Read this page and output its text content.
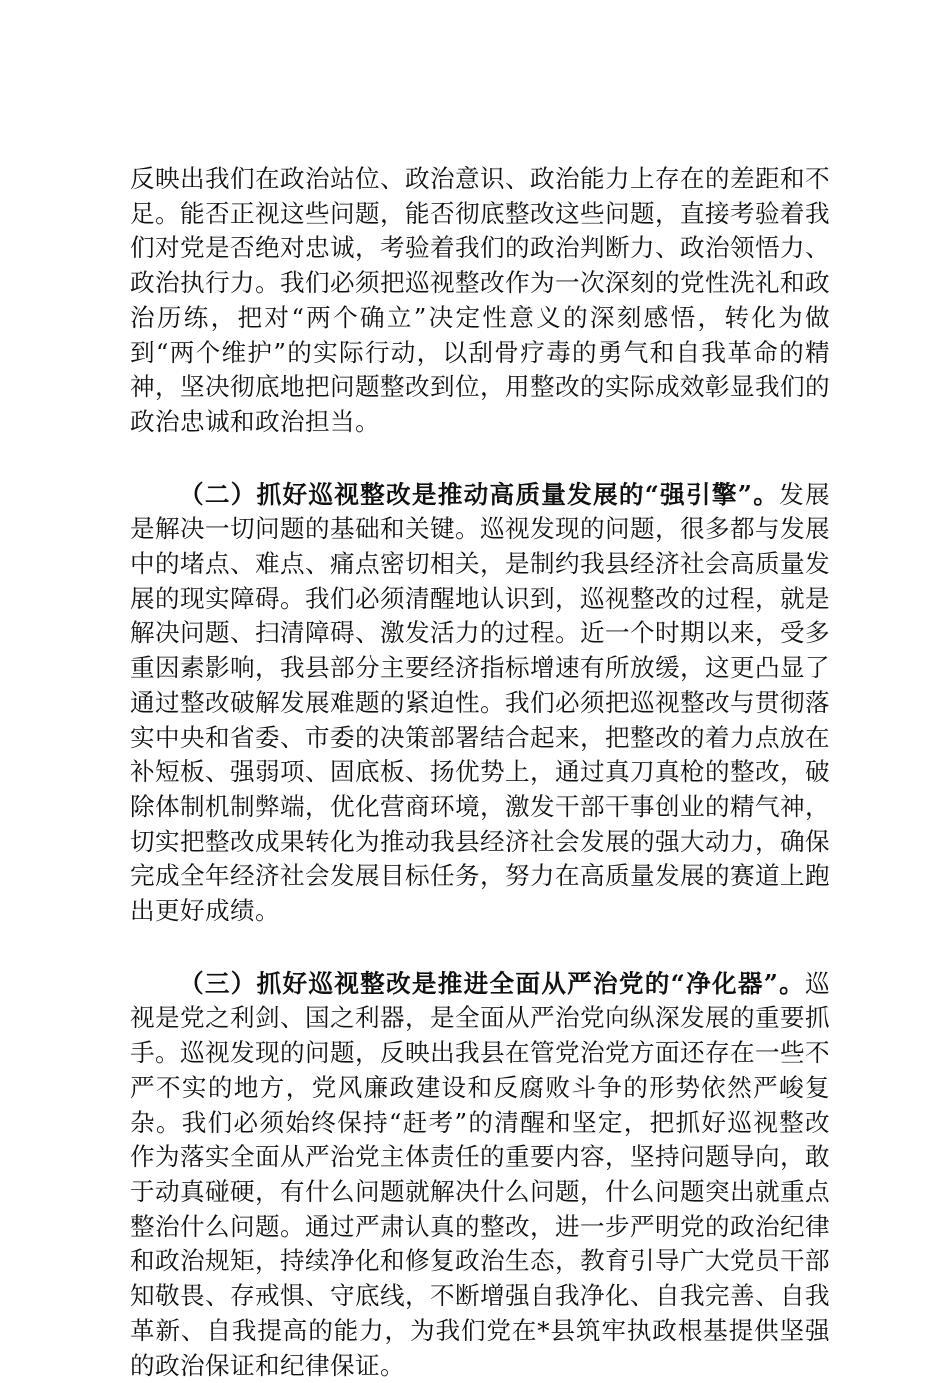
反映出我们在政治站位、政治意识、政治能力上存在的差距和不足。能否正视这些问题，能否彻底整改这些问题，直接考验着我们对党是否绝对忠诚，考验着我们的政治判断力、政治领悟力、政治执行力。我们必须把巡视整改作为一次深刻的党性洗礼和政治历练，把对“两个确立”决定性意义的深刻感悟，转化为做到“两个维护”的实际行动，以刮骨疗毒的勇气和自我革命的精神，坚决彻底地把问题整改到位，用整改的实际成效彰显我们的政治忠诚和政治担当。

（二）抓好巡视整改是推动高质量发展的“强引擎”。发展是解决一切问题的基础和关键。巡视发现的问题，很多都与发展中的堵点、难点、痛点密切相关，是制约我县经济社会高质量发展的现实障碍。我们必须清醒地认识到，巡视整改的过程，就是解决问题、扫清障碍、激发活力的过程。近一个时期以来，受多重因素影响，我县部分主要经济指标增速有所放缓，这更凸显了通过整改破解发展难题的紧迫性。我们必须把巡视整改与贯彻落实中央和省委、市委的决策部署结合起来，把整改的着力点放在补短板、强弱项、固底板、扬优势上，通过真刀真枪的整改，破除体制机制弊端，优化营商环境，激发干部干事创业的精气神，切实把整改成果转化为推动我县经济社会发展的强大动力，确保完成全年经济社会发展目标任务，努力在高质量发展的赛道上跑出更好成绩。

（三）抓好巡视整改是推进全面从严治党的“净化器”。巡视是党之利剑、国之利器，是全面从严治党向纵深发展的重要抓手。巡视发现的问题，反映出我县在管党治党方面还存在一些不严不实的地方，党风廉政建设和反腐败斗争的形势依然严峻复杂。我们必须始终保持“赶考”的清醒和坚定，把抓好巡视整改作为落实全面从严治党主体责任的重要内容，坚持问题导向，敢于动真碰硬，有什么问题就解决什么问题，什么问题突出就重点整治什么问题。通过严肃认真的整改，进一步严明党的政治纪律和政治规矩，持续净化和修复政治生态，教育引导广大党员干部知敬畏、存戒惧、守底线，不断增强自我净化、自我完善、自我革新、自我提高的能力，为我们党在*县筑牢执政根基提供坚强的政治保证和纪律保证。
